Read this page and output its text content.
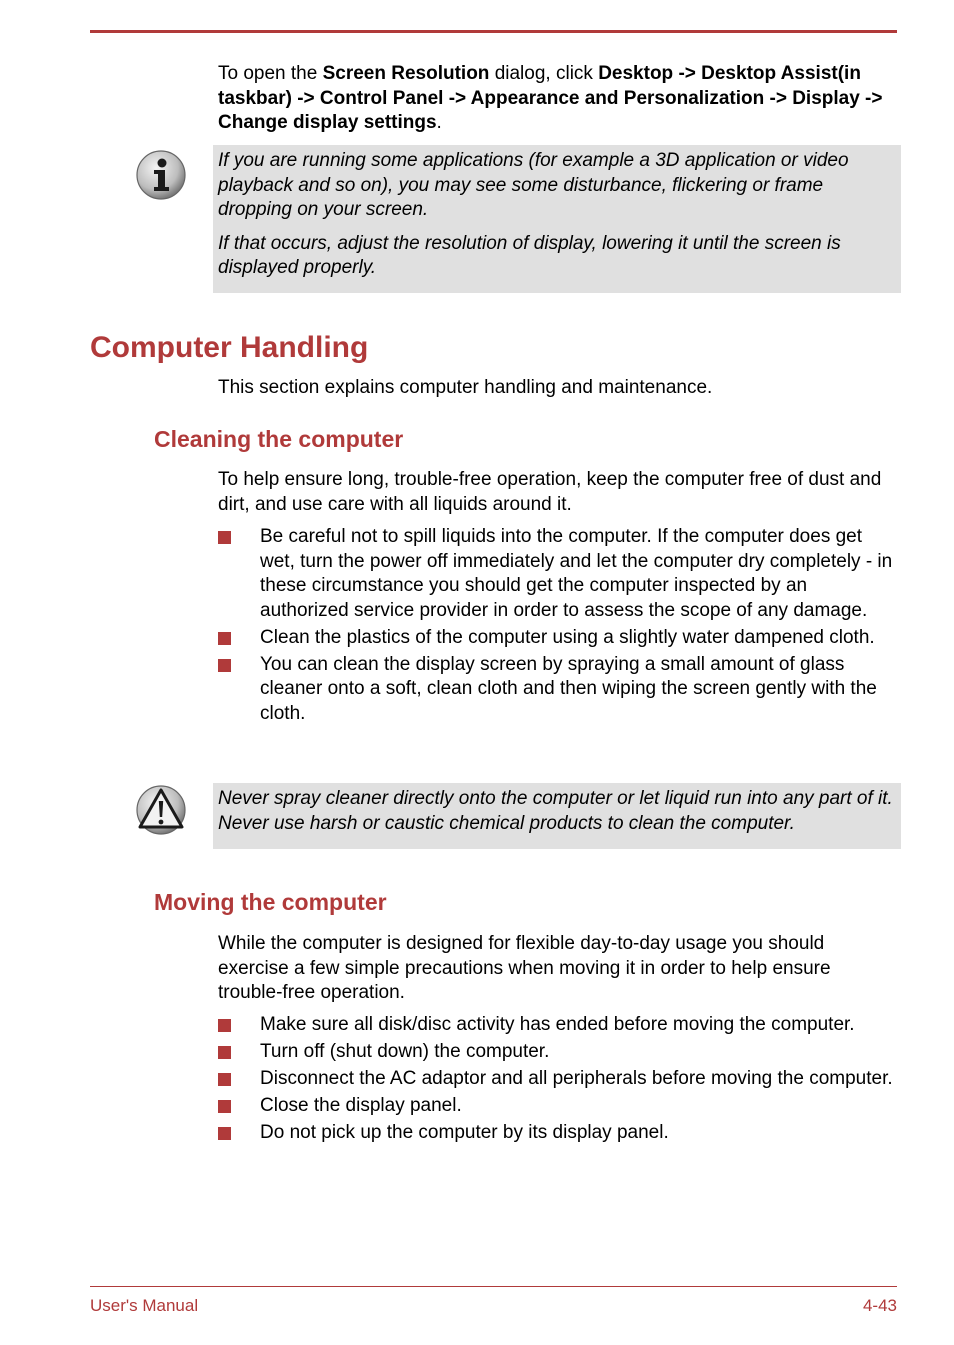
To open the Screen Resolution dialog, click Desktop -> Desktop Assist(in taskbar) -> Control Panel -> Appearance and Personalization -> Display -> Change display settings.

If you are running some applications (for example a 3D application or video playback and so on), you may see some disturbance, flickering or frame dropping on your screen.

If that occurs, adjust the resolution of display, lowering it until the screen is displayed properly.

Computer Handling
This section explains computer handling and maintenance.
Cleaning the computer
To help ensure long, trouble-free operation, keep the computer free of dust and dirt, and use care with all liquids around it.
Be careful not to spill liquids into the computer. If the computer does get wet, turn the power off immediately and let the computer dry completely - in these circumstance you should get the computer inspected by an authorized service provider in order to assess the scope of any damage.
Clean the plastics of the computer using a slightly water dampened cloth.
You can clean the display screen by spraying a small amount of glass cleaner onto a soft, clean cloth and then wiping the screen gently with the cloth.

Never spray cleaner directly onto the computer or let liquid run into any part of it. Never use harsh or caustic chemical products to clean the computer.

Moving the computer
While the computer is designed for flexible day-to-day usage you should exercise a few simple precautions when moving it in order to help ensure trouble-free operation.
Make sure all disk/disc activity has ended before moving the computer.
Turn off (shut down) the computer.
Disconnect the AC adaptor and all peripherals before moving the computer.
Close the display panel.
Do not pick up the computer by its display panel.
User's Manual	4-43
